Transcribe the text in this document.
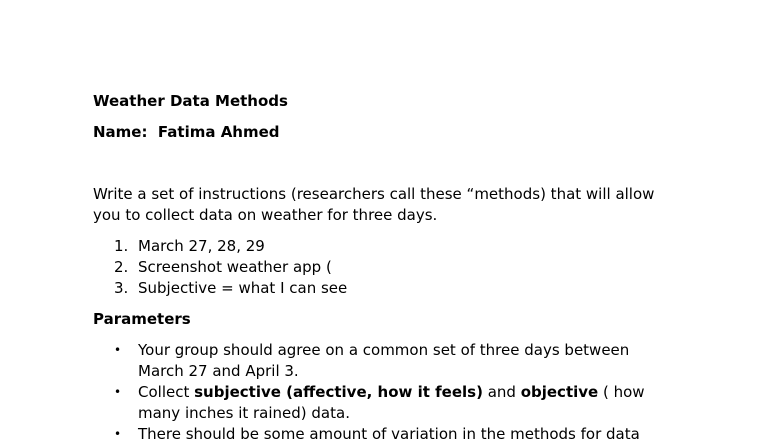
Weather Data Methods
Name:  Fatima Ahmed
Write a set of instructions (researchers call these “methods) that will allow you to collect data on weather for three days.
1. March 27, 28, 29
2. Screenshot weather app (
3. Subjective = what I can see
Parameters
• Your group should agree on a common set of three days between March 27 and April 3.
• Collect subjective (affective, how it feels) and objective ( how many inches it rained) data.
• There should be some amount of variation in the methods for data
